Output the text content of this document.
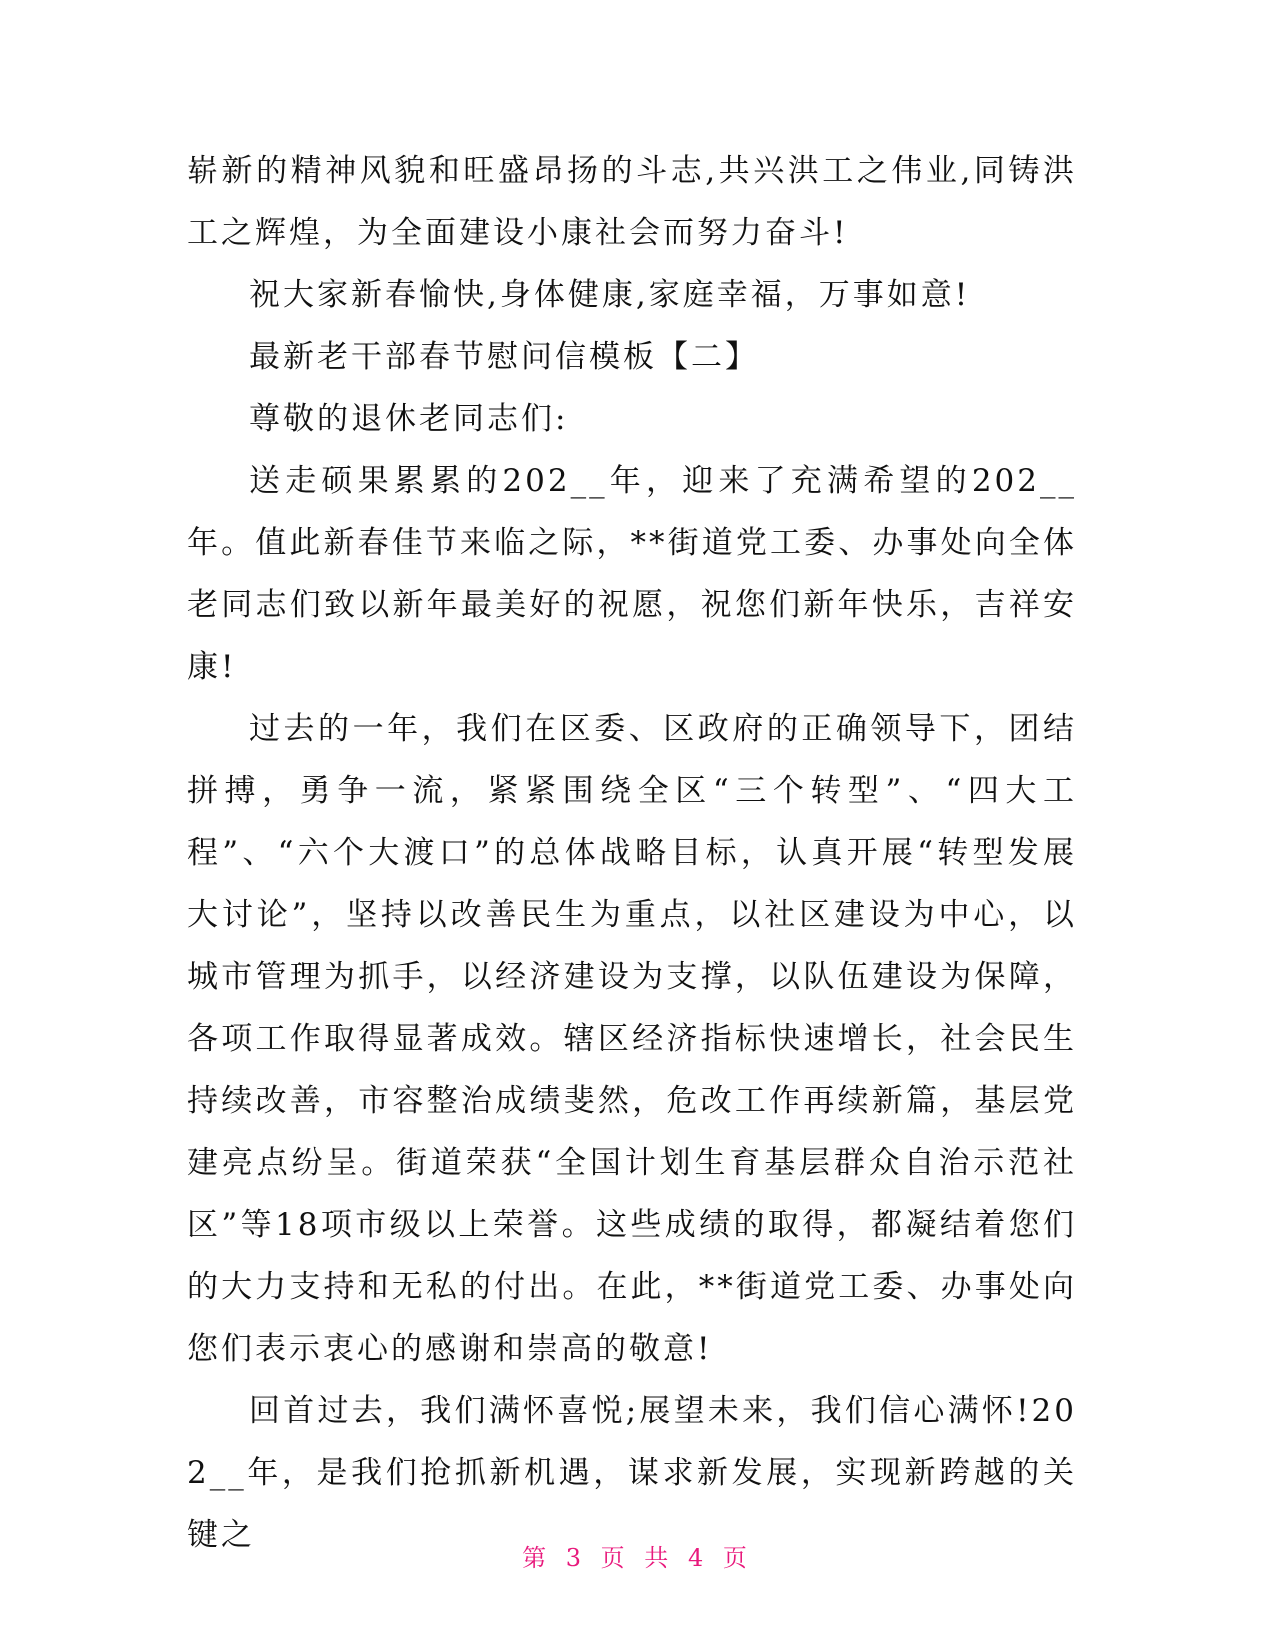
崭新的精神风貌和旺盛昂扬的斗志,共兴洪工之伟业,同铸洪工之辉煌，为全面建设小康社会而努力奋斗!

祝大家新春愉快,身体健康,家庭幸福，万事如意!

最新老干部春节慰问信模板【二】

尊敬的退休老同志们:

送走硕果累累的202__年，迎来了充满希望的202__年。值此新春佳节来临之际，**街道党工委、办事处向全体老同志们致以新年最美好的祝愿，祝您们新年快乐，吉祥安康!

过去的一年，我们在区委、区政府的正确领导下，团结拼搏，勇争一流，紧紧围绕全区“三个转型”、“四大工程”、“六个大渡口”的总体战略目标，认真开展“转型发展大讨论”，坚持以改善民生为重点，以社区建设为中心，以城市管理为抓手，以经济建设为支撑，以队伍建设为保障，各项工作取得显著成效。辖区经济指标快速增长，社会民生持续改善，市容整治成绩斐然，危改工作再续新篇，基层党建亮点纷呈。街道荣获“全国计划生育基层群众自治示范社区”等18项市级以上荣誉。这些成绩的取得，都凝结着您们的大力支持和无私的付出。在此，**街道党工委、办事处向您们表示衷心的感谢和崇高的敬意!

回首过去，我们满怀喜悦;展望未来，我们信心满怀!202__年，是我们抢抓新机遇，谋求新发展，实现新跨越的关键之

第 3 页 共 4 页
